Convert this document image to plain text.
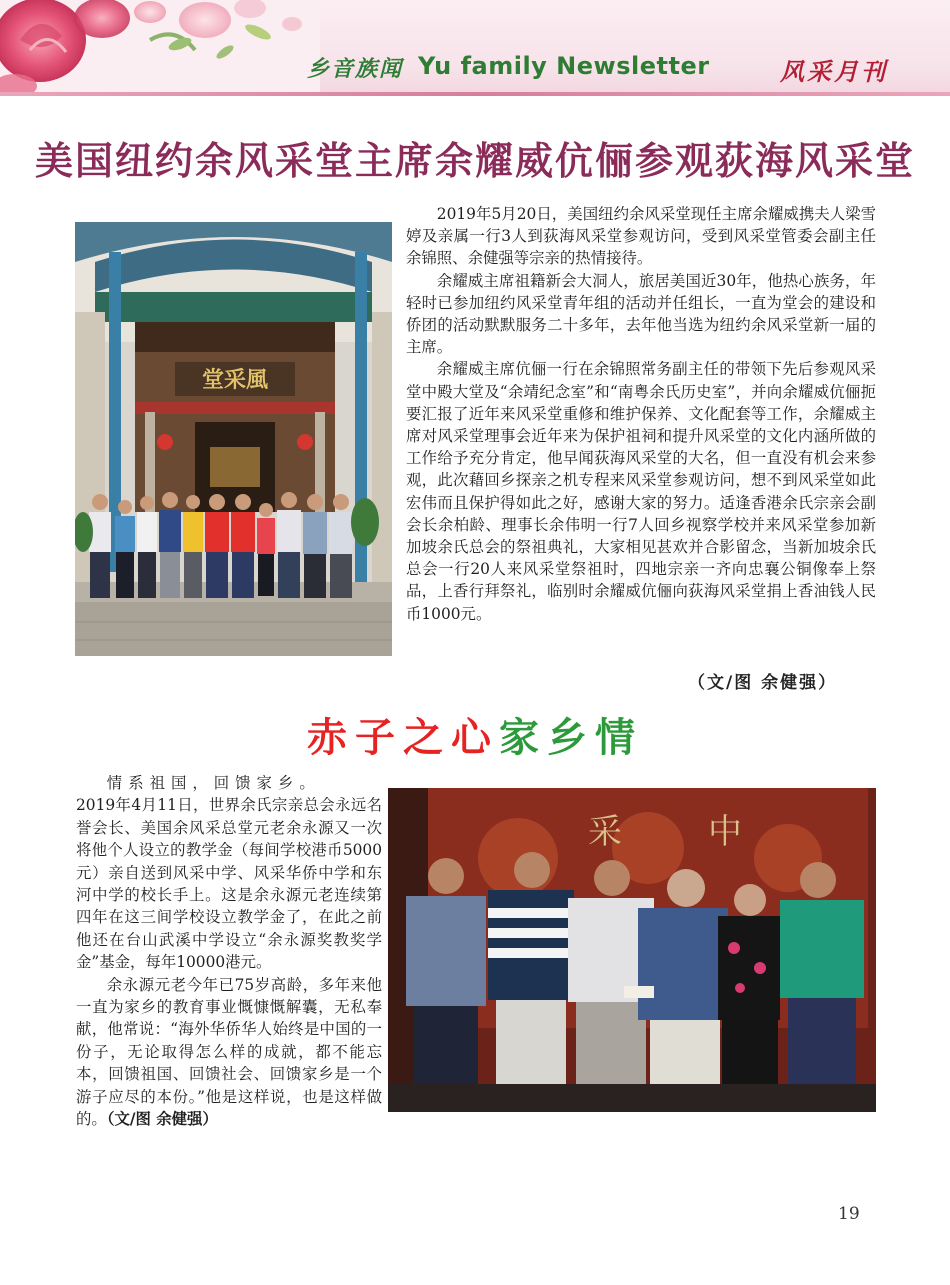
乡音族闻 Yu family Newsletter	风采月刊
美国纽约余风采堂主席余耀威伉俪参观荻海风采堂
堂采風

2019年5月20日，美国纽约余风采堂现任主席余耀威携夫人梁雪婷及亲属一行3人到荻海风采堂参观访问，受到风采堂管委会副主任余锦照、余健强等宗亲的热情接待。

余耀威主席祖籍新会大洞人，旅居美国近30年，他热心族务，年轻时已参加纽约风采堂青年组的活动并任组长，一直为堂会的建设和侨团的活动默默服务二十多年，去年他当选为纽约余风采堂新一届的主席。

余耀威主席伉俪一行在余锦照常务副主任的带领下先后参观风采堂中殿大堂及“余靖纪念室”和“南粤余氏历史室”，并向余耀威伉俪扼要汇报了近年来风采堂重修和维护保养、文化配套等工作，余耀威主席对风采堂理事会近年来为保护祖祠和提升风采堂的文化内涵所做的工作给予充分肯定，他早闻荻海风采堂的大名，但一直没有机会来参观，此次藉回乡探亲之机专程来风采堂参观访问，想不到风采堂如此宏伟而且保护得如此之好，感谢大家的努力。适逢香港余氏宗亲会副会长余柏龄、理事长余伟明一行7人回乡视察学校并来风采堂参加新加坡余氏总会的祭祖典礼，大家相见甚欢并合影留念，当新加坡余氏总会一行20人来风采堂祭祖时，四地宗亲一齐向忠襄公铜像奉上祭品，上香行拜祭礼，临别时余耀威伉俪向荻海风采堂捐上香油钱人民币1000元。

（文/图 余健强）
赤子之心家乡情

情系祖国，回馈家乡。

2019年4月11日，世界余氏宗亲总会永远名誉会长、美国余风采总堂元老余永源又一次将他个人设立的教学金（每间学校港币5000元）亲自送到风采中学、风采华侨中学和东河中学的校长手上。这是余永源元老连续第四年在这三间学校设立教学金了，在此之前他还在台山武溪中学设立“余永源奖教奖学金”基金，每年10000港元。

余永源元老今年已75岁高龄，多年来他一直为家乡的教育事业慨慷慨解囊，无私奉献，他常说：“海外华侨华人始终是中国的一份子，无论取得怎么样的成就，都不能忘本，回馈祖国、回馈社会、回馈家乡是一个游子应尽的本份。”他是这样说，也是这样做的。（文/图 余健强）

采	中
19
